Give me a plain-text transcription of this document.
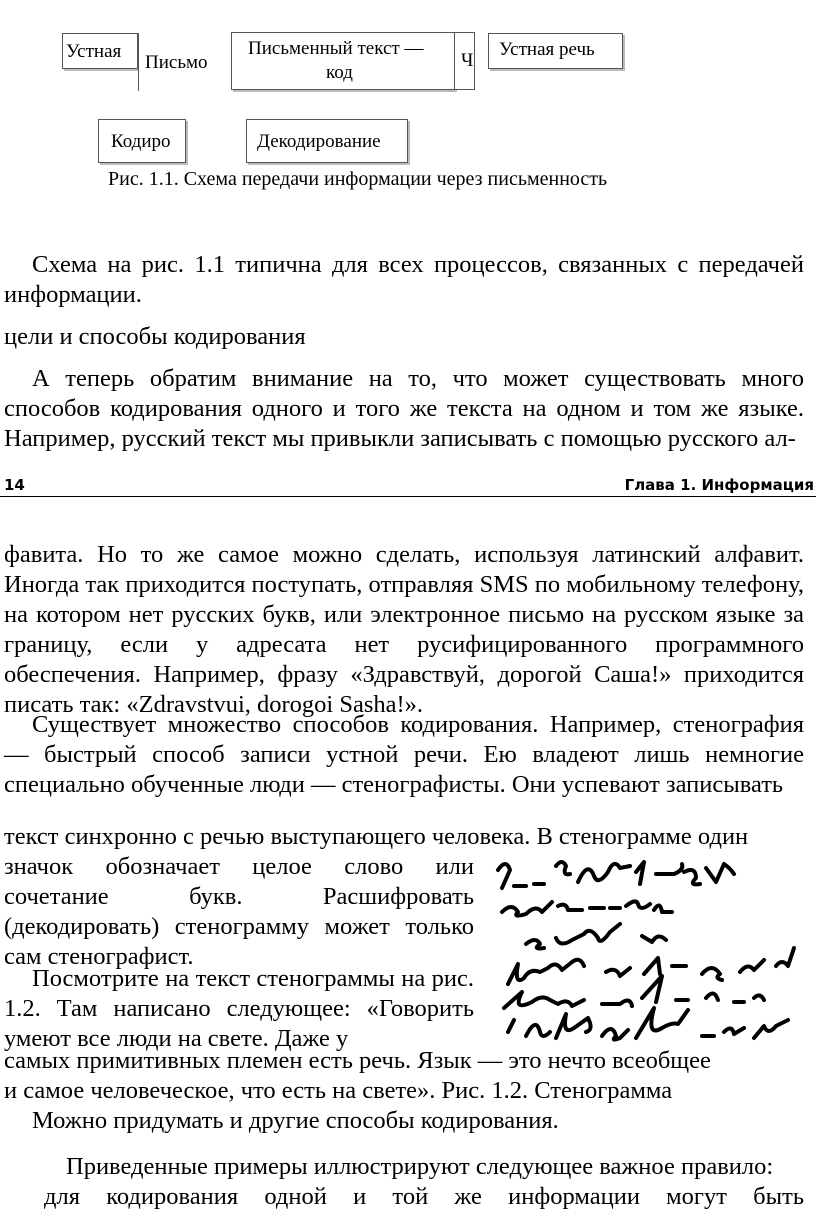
Устная
Письмо
Письменный текст —
код
Ч
Устная речь
Кодиро	Декодирование
Рис. 1.1. Схема передачи информации через письменность
Схема на рис. 1.1 типична для всех процессов, связанных с передачей информации.
цели и способы кодирования
А теперь обратим внимание на то, что может существовать много способов кодирования одного и того же текста на одном и том же языке. Например, русский текст мы привыкли записывать с помощью русского ал-
14	Глава 1. Информация
фавита. Но то же самое можно сделать, используя латинский алфавит. Иногда так приходится поступать, отправляя SMS по мобильному телефону, на котором нет русских букв, или электронное письмо на русском языке за границу, если у адресата нет русифицированного программного обеспечения. Например, фразу «Здравствуй, дорогой Саша!» приходится писать так: «Zdravstvui, dorogoi Sasha!».
Существует множество способов кодирования. Например, стенография — быстрый способ записи устной речи. Ею владеют лишь немногие специально обученные люди — стенографисты. Они успевают записывать
текст синхронно с речью выступающего человека. В стенограмме один
значок обозначает целое слово или сочетание букв. Расшифровать (декодировать) стенограмму может только сам стенографист.
Посмотрите на текст стенограммы на рис. 1.2. Там написано следующее: «Говорить умеют все люди на свете. Даже у
самых примитивных племен есть речь. Язык — это нечто всеобщее
и самое человеческое, что есть на свете». Рис. 1.2. Стенограмма
Можно придумать и другие способы кодирования.
Приведенные примеры иллюстрируют следующее важное правило:
для кодирования одной и той же информации могут быть
